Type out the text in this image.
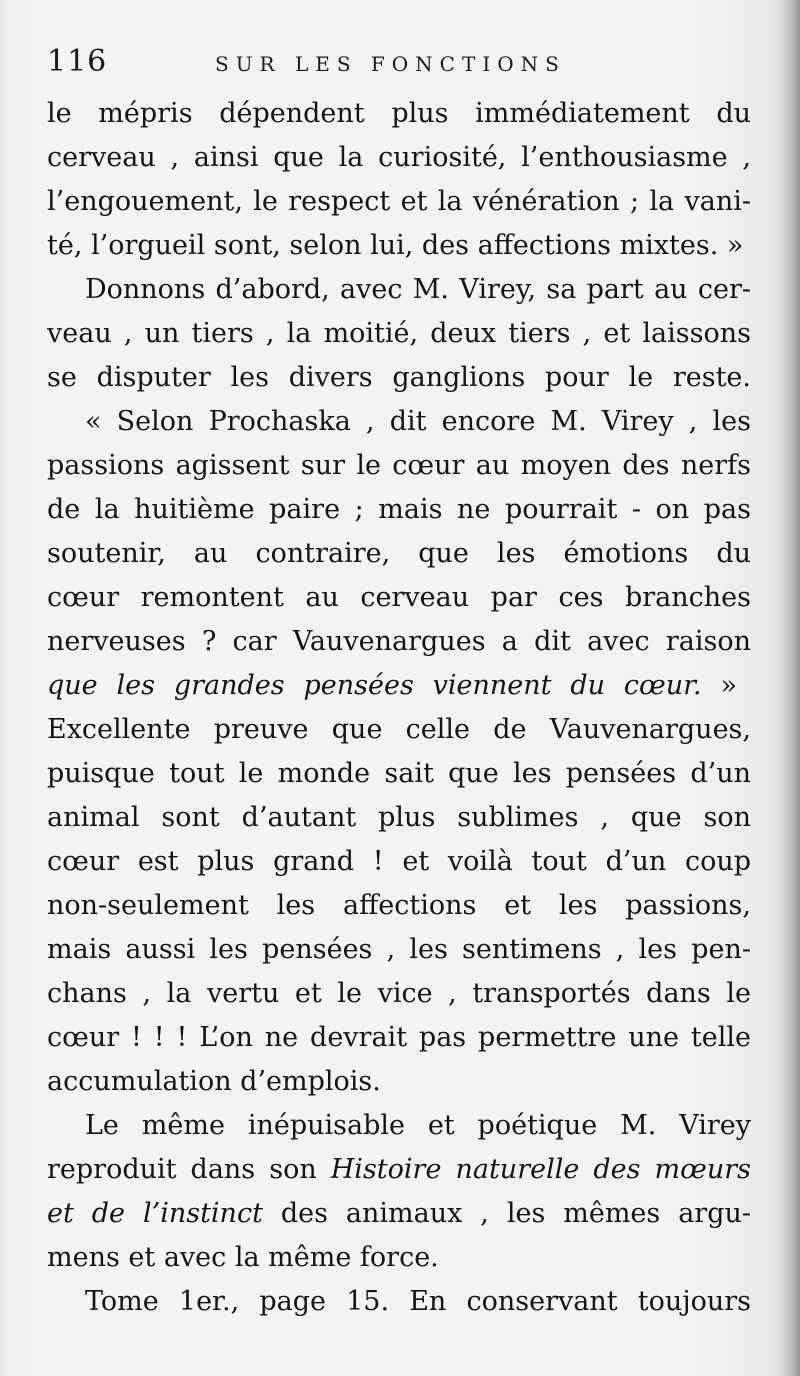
116	SUR LES FONCTIONS
le mépris dépendent plus immédiatement du
cerveau , ainsi que la curiosité, l’enthousiasme ,
l’engouement, le respect et la vénération ; la vani-
té, l’orgueil sont, selon lui, des affections mixtes. »
Donnons d’abord, avec M. Virey, sa part au cer-
veau , un tiers , la moitié, deux tiers , et laissons
se disputer les divers ganglions pour le reste.
« Selon Prochaska , dit encore M. Virey , les
passions agissent sur le cœur au moyen des nerfs
de la huitième paire ; mais ne pourrait - on pas
soutenir, au contraire, que les émotions du
cœur remontent au cerveau par ces branches
nerveuses ? car Vauvenargues a dit avec raison
que les grandes pensées viennent du cœur. »
Excellente preuve que celle de Vauvenargues,
puisque tout le monde sait que les pensées d’un
animal sont d’autant plus sublimes , que son
cœur est plus grand ! et voilà tout d’un coup
non-seulement les affections et les passions,
mais aussi les pensées , les sentimens , les pen-
chans , la vertu et le vice , transportés dans le
cœur ! ! ! L’on ne devrait pas permettre une telle
accumulation d’emplois.
Le même inépuisable et poétique M. Virey
reproduit dans son Histoire naturelle des mœurs
et de l’instinct des animaux , les mêmes argu-
mens et avec la même force.
Tome 1er., page 15. En conservant toujours
